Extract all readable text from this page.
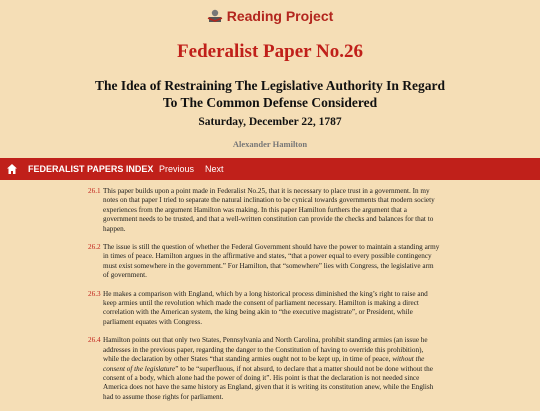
Reading Project
Federalist Paper No.26
The Idea of Restraining The Legislative Authority In Regard To The Common Defense Considered
Saturday, December 22, 1787
Alexander Hamilton
FEDERALIST PAPERS INDEX Previous Next
26.1 This paper builds upon a point made in Federalist No.25, that it is necessary to place trust in a government. In my notes on that paper I tried to separate the natural inclination to be cynical towards governments that modern society experiences from the argument Hamilton was making. In this paper Hamilton furthers the argument that a government needs to be trusted, and that a well-written constitution can provide the checks and balances for that to happen.
26.2 The issue is still the question of whether the Federal Government should have the power to maintain a standing army in times of peace. Hamilton argues in the affirmative and states, “that a power equal to every possible contingency must exist somewhere in the government.” For Hamilton, that “somewhere” lies with Congress, the legislative arm of government.
26.3 He makes a comparison with England, which by a long historical process diminished the king’s right to raise and keep armies until the revolution which made the consent of parliament necessary. Hamilton is making a direct correlation with the American system, the king being akin to “the executive magistrate”, or President, while parliament equates with Congress.
26.4 Hamilton points out that only two States, Pennsylvania and North Carolina, prohibit standing armies (an issue he addresses in the previous paper, regarding the danger to the Constitution of having to override this prohibition), while the declaration by other States “that standing armies ought not to be kept up, in time of peace, without the consent of the legislature” to be “superfluous, if not absurd, to declare that a matter should not be done without the consent of a body, which alone had the power of doing it”. His point is that the declaration is not needed since America does not have the same history as England, given that it is writing its constitution anew, while the English had to assume those rights for parliament.
